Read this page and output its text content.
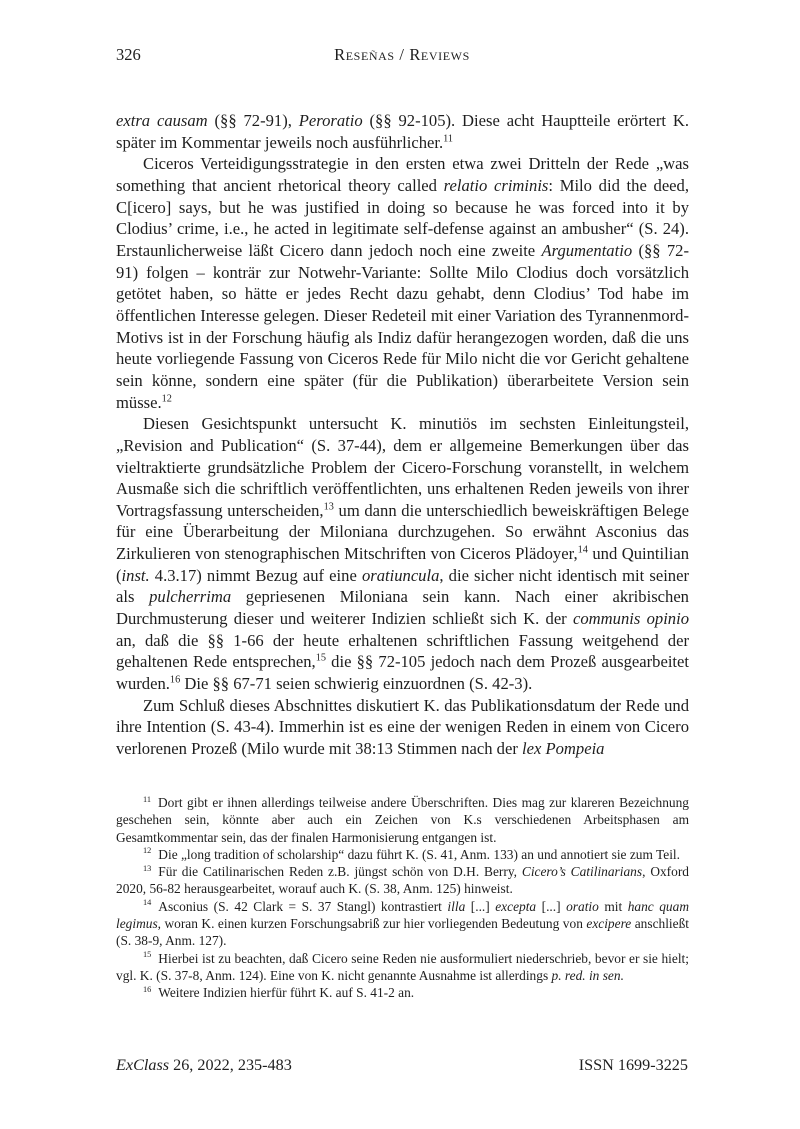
326	Reseñas / Reviews

extra causam (§§ 72-91), Peroratio (§§ 92-105). Diese acht Hauptteile erörtert K. später im Kommentar jeweils noch ausführlicher.$^{11}$

Ciceros Verteidigungsstrategie in den ersten etwa zwei Dritteln der Rede „was something that ancient rhetorical theory called relatio criminis: Milo did the deed, C[icero] says, but he was justified in doing so because he was forced into it by Clodius’ crime, i.e., he acted in legitimate self-defense against an ambusher“ (S. 24). Erstaunlicherweise läßt Cicero dann jedoch noch eine zweite Argumentatio (§§ 72-91) folgen – konträr zur Notwehr-Variante: Sollte Milo Clodius doch vorsätzlich getötet haben, so hätte er jedes Recht dazu gehabt, denn Clodius’ Tod habe im öffentlichen Interesse gelegen. Dieser Redeteil mit einer Variation des Tyrannenmord-Motivs ist in der Forschung häufig als Indiz dafür herangezogen worden, daß die uns heute vorliegende Fassung von Ciceros Rede für Milo nicht die vor Gericht gehaltene sein könne, sondern eine später (für die Publikation) überarbeitete Version sein müsse.$^{12}$

Diesen Gesichtspunkt untersucht K. minutiös im sechsten Einleitungsteil, „Revision and Publication“ (S. 37-44), dem er allgemeine Bemerkungen über das vieltraktierte grundsätzliche Problem der Cicero-Forschung voranstellt, in welchem Ausmaße sich die schriftlich veröffentlichten, uns erhaltenen Reden jeweils von ihrer Vortragsfassung unterscheiden,$^{13}$ um dann die unterschiedlich beweiskräftigen Belege für eine Überarbeitung der Miloniana durchzugehen. So erwähnt Asconius das Zirkulieren von stenographischen Mitschriften von Ciceros Plädoyer,$^{14}$ und Quintilian (inst. 4.3.17) nimmt Bezug auf eine oratiuncula, die sicher nicht identisch mit seiner als pulcherrima gepriesenen Miloniana sein kann. Nach einer akribischen Durchmusterung dieser und weiterer Indizien schließt sich K. der communis opinio an, daß die §§ 1-66 der heute erhaltenen schriftlichen Fassung weitgehend der gehaltenen Rede entsprechen,$^{15}$ die §§ 72-105 jedoch nach dem Prozeß ausgearbeitet wurden.$^{16}$ Die §§ 67-71 seien schwierig einzuordnen (S. 42-3).

Zum Schluß dieses Abschnittes diskutiert K. das Publikationsdatum der Rede und ihre Intention (S. 43-4). Immerhin ist es eine der wenigen Reden in einem von Cicero verlorenen Prozeß (Milo wurde mit 38:13 Stimmen nach der lex Pompeia

$^{11}$ Dort gibt er ihnen allerdings teilweise andere Überschriften. Dies mag zur klareren Bezeichnung geschehen sein, könnte aber auch ein Zeichen von K.s verschiedenen Arbeitsphasen am Gesamtkommentar sein, das der finalen Harmonisierung entgangen ist.

$^{12}$ Die „long tradition of scholarship“ dazu führt K. (S. 41, Anm. 133) an und annotiert sie zum Teil.

$^{13}$ Für die Catilinarischen Reden z.B. jüngst schön von D.H. Berry, Cicero’s Catilinarians, Oxford 2020, 56-82 herausgearbeitet, worauf auch K. (S. 38, Anm. 125) hinweist.

$^{14}$ Asconius (S. 42 Clark = S. 37 Stangl) kontrastiert illa [...] excepta [...] oratio mit hanc quam legimus, woran K. einen kurzen Forschungsabriß zur hier vorliegenden Bedeutung von excipere anschließt (S. 38-9, Anm. 127).

$^{15}$ Hierbei ist zu beachten, daß Cicero seine Reden nie ausformuliert niederschrieb, bevor er sie hielt; vgl. K. (S. 37-8, Anm. 124). Eine von K. nicht genannte Ausnahme ist allerdings p. red. in sen.

$^{16}$ Weitere Indizien hierfür führt K. auf S. 41-2 an.

ExClass 26, 2022, 235-483	ISSN 1699-3225
